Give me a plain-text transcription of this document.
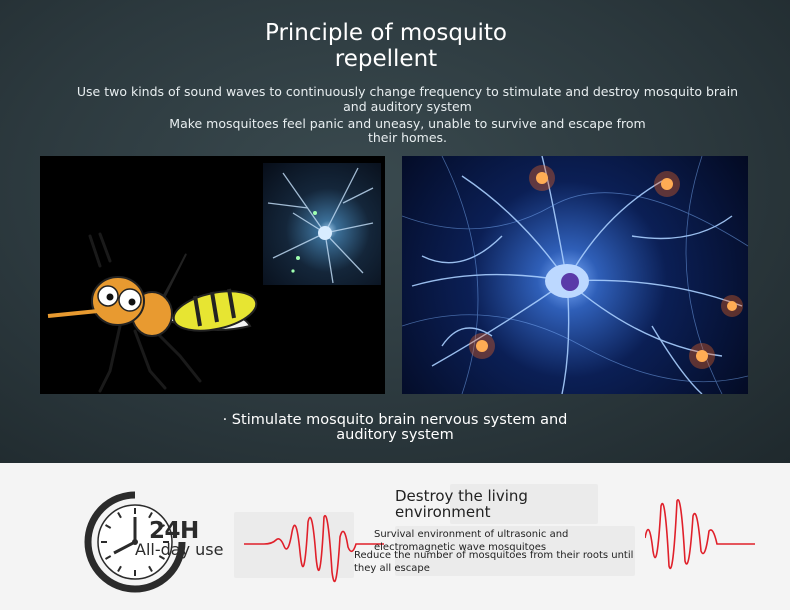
Principle of mosquito
repellent
Use two kinds of sound waves to continuously change frequency to stimulate and destroy mosquito brain
and auditory system
Make mosquitoes feel panic and uneasy, unable to survive and escape from
their homes.
· Stimulate mosquito brain nervous system and
auditory system
24H
All-day use
Destroy the living
environment
Survival environment of ultrasonic and
electromagnetic wave mosquitoes
Reduce the number of mosquitoes from their roots until
they all escape
